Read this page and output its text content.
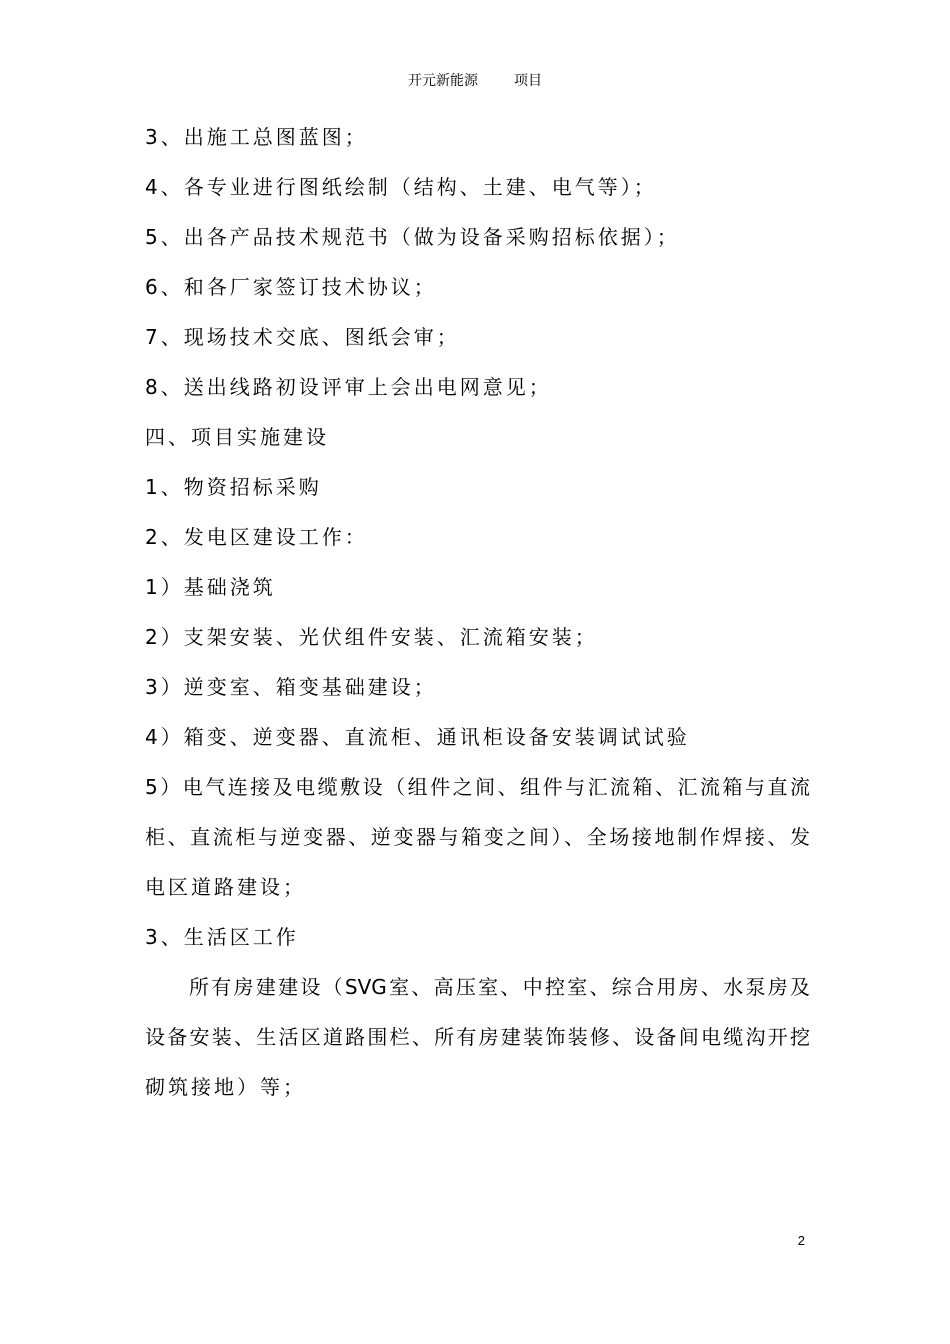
开元新能源	项目
3、出施工总图蓝图；
4、各专业进行图纸绘制（结构、土建、电气等）；
5、出各产品技术规范书（做为设备采购招标依据）；
6、和各厂家签订技术协议；
7、现场技术交底、图纸会审；
8、送出线路初设评审上会出电网意见；
四、项目实施建设
1、物资招标采购
2、发电区建设工作：
1）基础浇筑
2）支架安装、光伏组件安装、汇流箱安装；
3）逆变室、箱变基础建设；
4）箱变、逆变器、直流柜、通讯柜设备安装调试试验
5）电气连接及电缆敷设（组件之间、组件与汇流箱、汇流箱与直流
柜、直流柜与逆变器、逆变器与箱变之间）、全场接地制作焊接、发
电区道路建设；
3、生活区工作
所有房建建设（SVG室、高压室、中控室、综合用房、水泵房及
设备安装、生活区道路围栏、所有房建装饰装修、设备间电缆沟开挖
砌筑接地）等；
2
